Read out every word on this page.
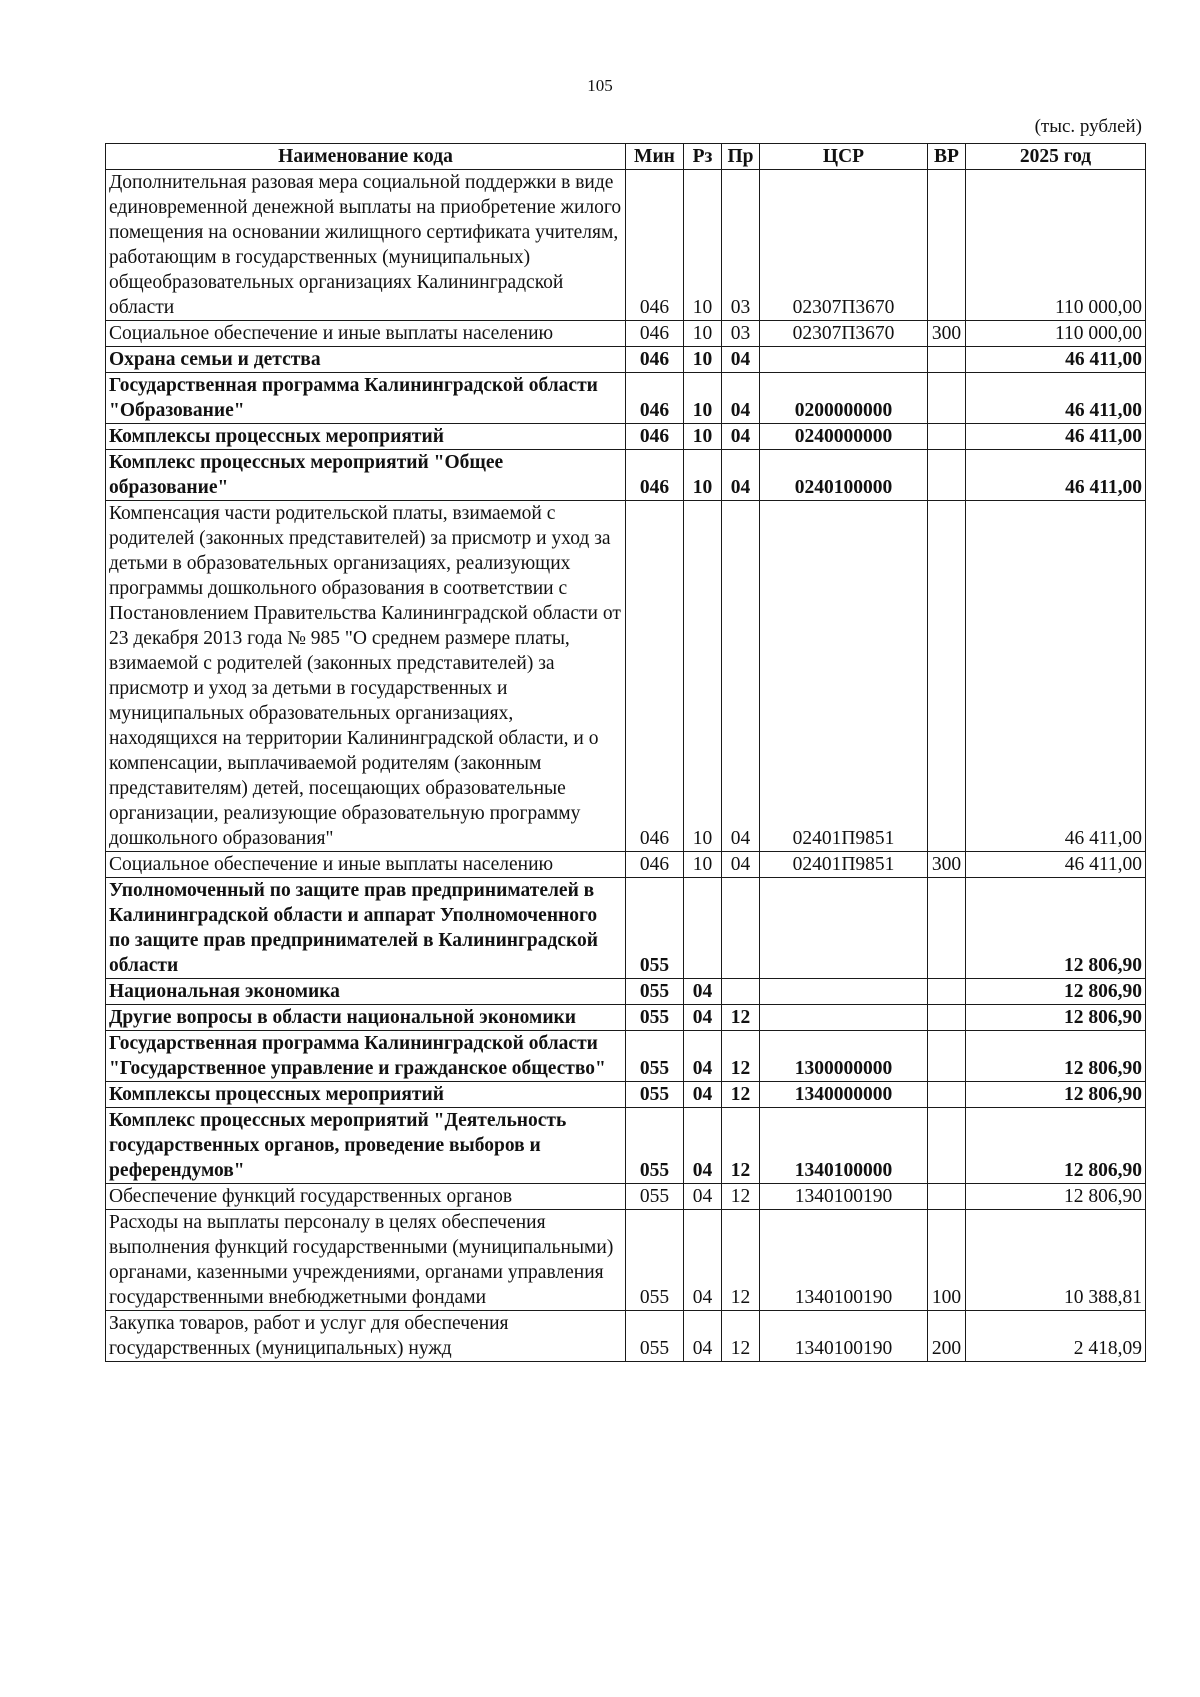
105
(тыс. рублей)
Наименование кода	Мин	Рз	Пр	ЦСР	ВР	2025 год
Дополнительная разовая мера социальной поддержки в виде единовременной денежной выплаты на приобретение жилого помещения на основании жилищного сертификата учителям, работающим в государственных (муниципальных) общеобразовательных организациях Калининградской области	046	10	03	02307П3670		110 000,00
Социальное обеспечение и иные выплаты населению	046	10	03	02307П3670	300	110 000,00
Охрана семьи и детства	046	10	04			46 411,00
Государственная программа Калининградской области "Образование"	046	10	04	0200000000		46 411,00
Комплексы процессных мероприятий	046	10	04	0240000000		46 411,00
Комплекс процессных мероприятий "Общее образование"	046	10	04	0240100000		46 411,00
Компенсация части родительской платы, взимаемой с родителей (законных представителей) за присмотр и уход за детьми в образовательных организациях, реализующих программы дошкольного образования в соответствии с Постановлением Правительства Калининградской области от 23 декабря 2013 года № 985 "О среднем размере платы, взимаемой с родителей (законных представителей) за присмотр и уход за детьми в государственных и муниципальных образовательных организациях, находящихся на территории Калининградской области, и о компенсации, выплачиваемой родителям (законным представителям) детей, посещающих образовательные организации, реализующие образовательную программу дошкольного образования"	046	10	04	02401П9851		46 411,00
Социальное обеспечение и иные выплаты населению	046	10	04	02401П9851	300	46 411,00
Уполномоченный по защите прав предпринимателей в Калининградской области и аппарат Уполномоченного по защите прав предпринимателей в Калининградской области	055					12 806,90
Национальная экономика	055	04				12 806,90
Другие вопросы в области национальной экономики	055	04	12			12 806,90
Государственная программа Калининградской области "Государственное управление и гражданское общество"	055	04	12	1300000000		12 806,90
Комплексы процессных мероприятий	055	04	12	1340000000		12 806,90
Комплекс процессных мероприятий "Деятельность государственных органов, проведение выборов и референдумов"	055	04	12	1340100000		12 806,90
Обеспечение функций государственных органов	055	04	12	1340100190		12 806,90
Расходы на выплаты персоналу в целях обеспечения выполнения функций государственными (муниципальными) органами, казенными учреждениями, органами управления государственными внебюджетными фондами	055	04	12	1340100190	100	10 388,81
Закупка товаров, работ и услуг для обеспечения государственных (муниципальных) нужд	055	04	12	1340100190	200	2 418,09
